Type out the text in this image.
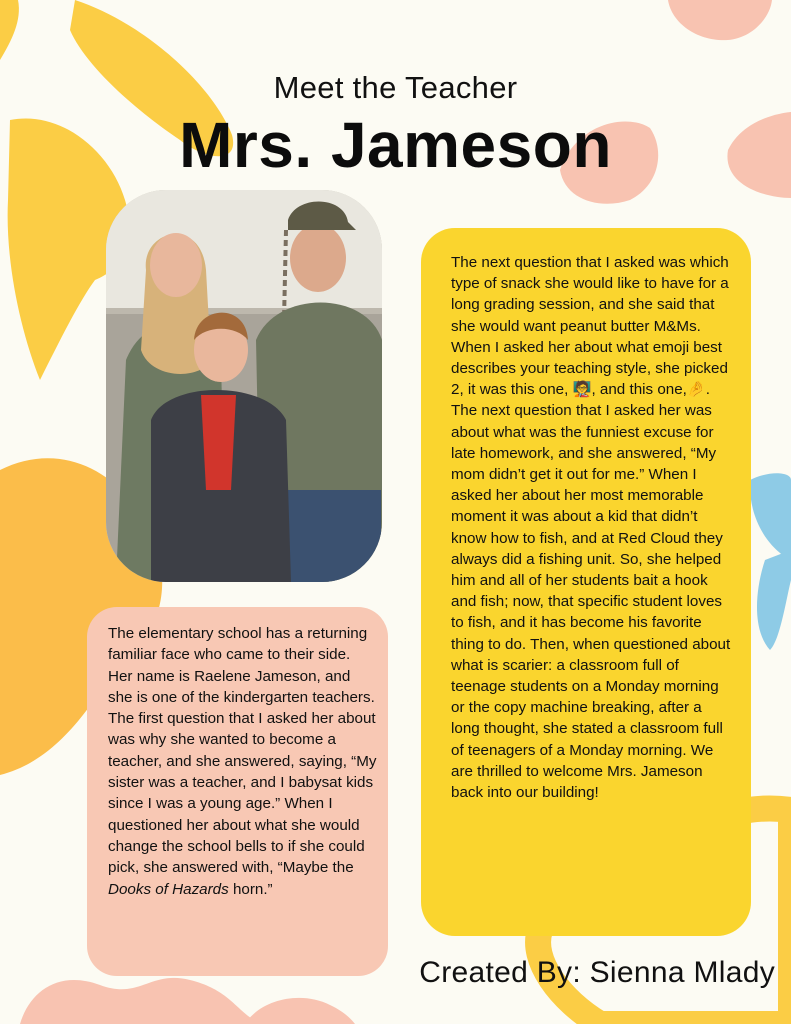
Meet the Teacher
Mrs. Jameson

The elementary school has a returning familiar face who came to their side. Her name is Raelene Jameson, and she is one of the kindergarten teachers. The first question that I asked her about was why she wanted to become a teacher, and she answered, saying, “My sister was a teacher, and I babysat kids since I was a young age.” When I questioned her about what she would change the school bells to if she could pick, she answered with, “Maybe the Dooks of Hazards horn.”

The next question that I asked was which type of snack she would like to have for a long grading session, and she said that she would want peanut butter M&Ms. When I asked her about what emoji best describes your teaching style, she picked 2, it was this one, 🧑‍🏫, and this one,🤌. The next question that I asked her was about what was the funniest excuse for late homework, and she answered, “My mom didn’t get it out for me.” When I asked her about her most memorable moment it was about a kid that didn’t know how to fish, and at Red Cloud they always did a fishing unit. So, she helped him and all of her students bait a hook and fish; now, that specific student loves to fish, and it has become his favorite thing to do. Then, when questioned about what is scarier: a classroom full of teenage students on a Monday morning or the copy machine breaking, after a long thought, she stated a classroom full of teenagers of a Monday morning. We are thrilled to welcome Mrs. Jameson back into our building!

Created By: Sienna Mlady
